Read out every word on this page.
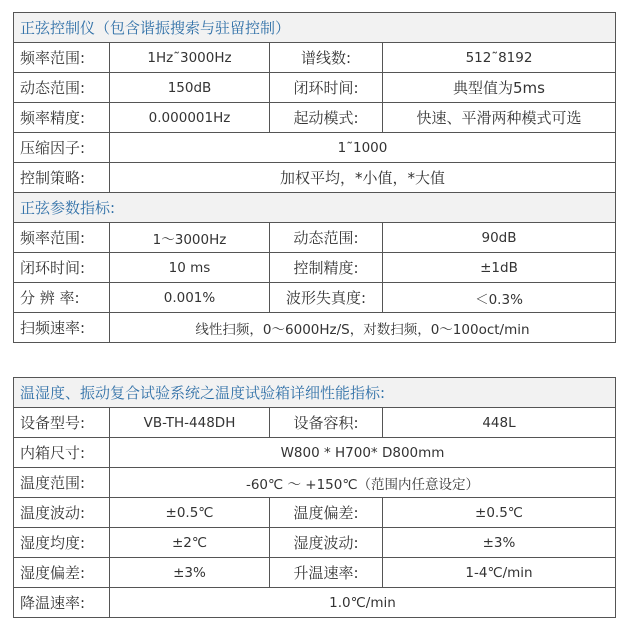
正弦控制仪（包含谐振搜索与驻留控制）			
频率范围:	1Hz˜3000Hz	谱线数:	512˜8192
动态范围:	150dB	闭环时间:	典型值为5ms
频率精度:	0.000001Hz	起动模式:	快速、平滑两种模式可选
压缩因子:	1˜1000		
控制策略:	加权平均，*小值，*大值		
正弦参数指标:			
频率范围:	1～3000Hz	动态范围:	90dB
闭环时间:	10 ms	控制精度:	±1dB
分 辨 率:	0.001%	波形失真度:	＜0.3%
扫频速率:	线性扫频，0～6000Hz/S，对数扫频，0～100oct/min		
温湿度、振动复合试验系统之温度试验箱详细性能指标:			
设备型号:	VB-TH-448DH	设备容积:	448L
内箱尺寸:	W800 * H700* D800mm		
温度范围:	-60℃ ～ +150℃（范围内任意设定）		
温度波动:	±0.5℃	温度偏差:	±0.5℃
湿度均度:	±2℃	湿度波动:	±3%
湿度偏差:	±3%	升温速率:	1-4℃/min
降温速率:	1.0℃/min		
